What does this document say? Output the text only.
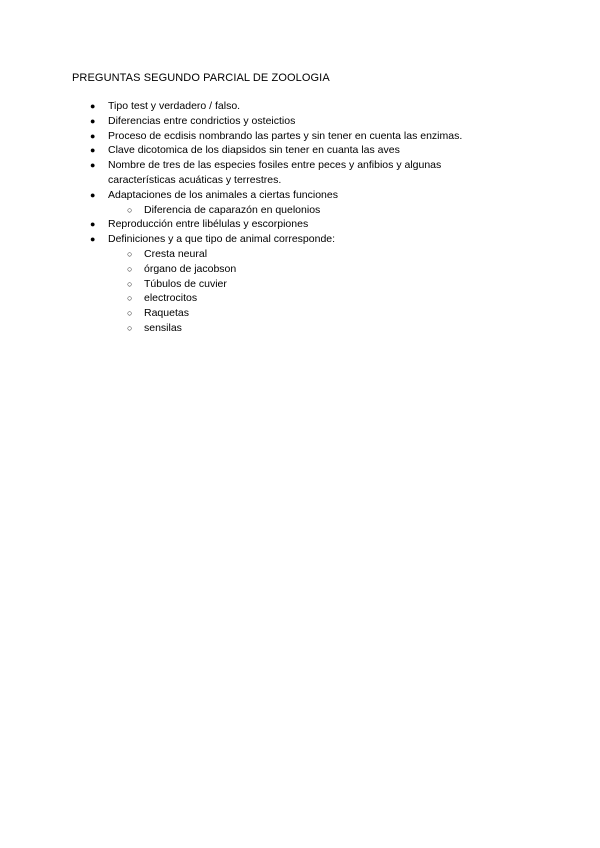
PREGUNTAS SEGUNDO PARCIAL DE ZOOLOGIA
● Tipo test y verdadero / falso.
● Diferencias entre condrictios y osteictios
● Proceso de ecdisis nombrando las partes y sin tener en cuenta las enzimas.
● Clave dicotomica de los diapsidos sin tener en cuanta las aves
● Nombre de tres de las especies fosiles entre peces y anfibios y algunas
características acuáticas y terrestres.
● Adaptaciones de los animales a ciertas funciones
○ Diferencia de caparazón en quelonios
● Reproducción entre libélulas y escorpiones
● Definiciones y a que tipo de animal corresponde:
○ Cresta neural
○ órgano de jacobson
○ Túbulos de cuvier
○ electrocitos
○ Raquetas
○ sensilas
